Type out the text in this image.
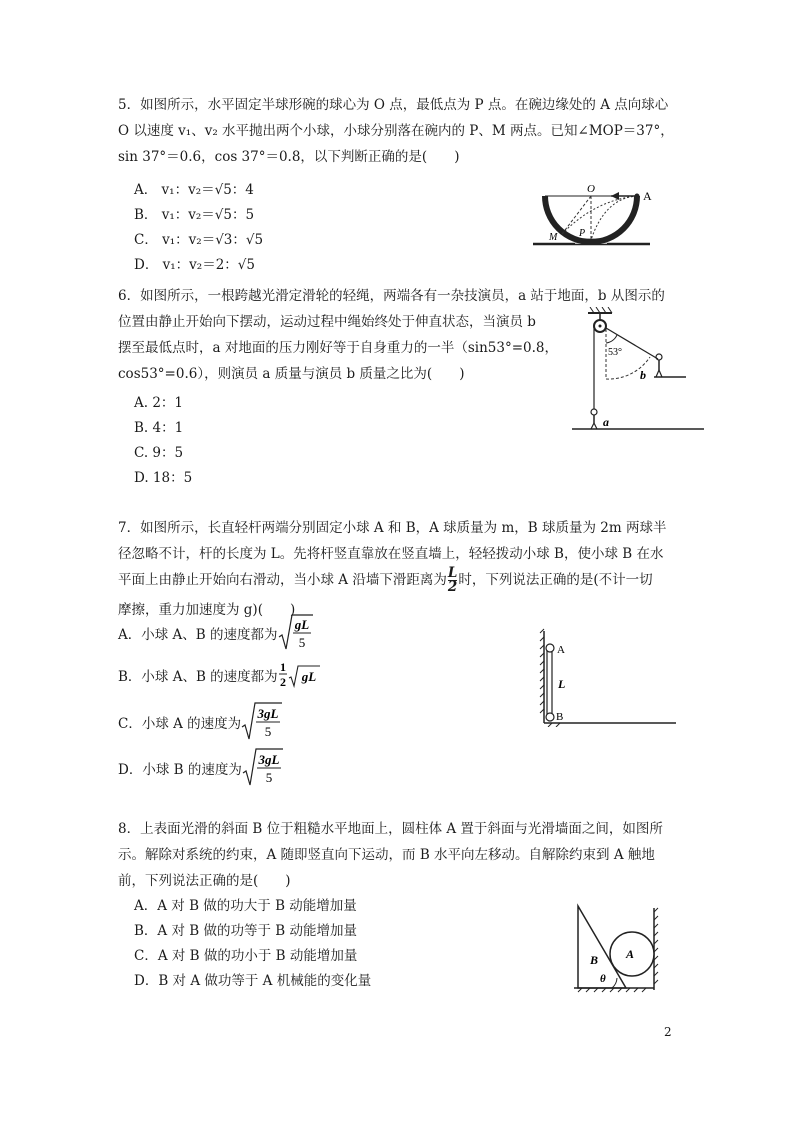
5．如图所示，水平固定半球形碗的球心为 O 点，最低点为 P 点。在碗边缘处的 A 点向球心
O 以速度 v₁、v₂ 水平抛出两个小球，小球分别落在碗内的 P、M 两点。已知∠MOP＝37°，
sin 37°＝0.6，cos 37°＝0.8，以下判断正确的是(　　)
A． v₁：v₂＝√5：4
B． v₁：v₂＝√5：5
C． v₁：v₂＝√3：√5
D． v₁：v₂＝2：√5
O	A
M P
6．如图所示，一根跨越光滑定滑轮的轻绳，两端各有一杂技演员，a 站于地面，b 从图示的
位置由静止开始向下摆动，运动过程中绳始终处于伸直状态，当演员 b
摆至最低点时，a 对地面的压力刚好等于自身重力的一半（sin53°=0.8，
cos53°=0.6），则演员 a 质量与演员 b 质量之比为(　　)
A. 2：1
B. 4：1
C. 9：5
D. 18：5
53°
b
a
7．如图所示，长直轻杆两端分别固定小球 A 和 B，A 球质量为 m，B 球质量为 2m 两球半
径忽略不计，杆的长度为 L。先将杆竖直靠放在竖直墙上，轻轻拨动小球 B，使小球 B 在水
平面上由静止开始向右滑动，当小球 A 沿墙下滑距离为 $\frac{L}{2}$ 时，下列说法正确的是(不计一切
摩擦，重力加速度为 g)(　　)
A．小球 A、B 的速度都为
gL
5
B．小球 A、B 的速度都为
1
2 gL
C．小球 A 的速度为
3gL
5
D．小球 B 的速度为
3gL
5
A
L
B
8．上表面光滑的斜面 B 位于粗糙水平地面上，圆柱体 A 置于斜面与光滑墙面之间，如图所
示。解除对系统的约束，A 随即竖直向下运动，而 B 水平向左移动。自解除约束到 A 触地
前，下列说法正确的是(　　)
A．A 对 B 做的功大于 B 动能增加量
B．A 对 B 做的功等于 B 动能增加量
C．A 对 B 做的功小于 B 动能增加量
D．B 对 A 做功等于 A 机械能的变化量
B A
θ
2
